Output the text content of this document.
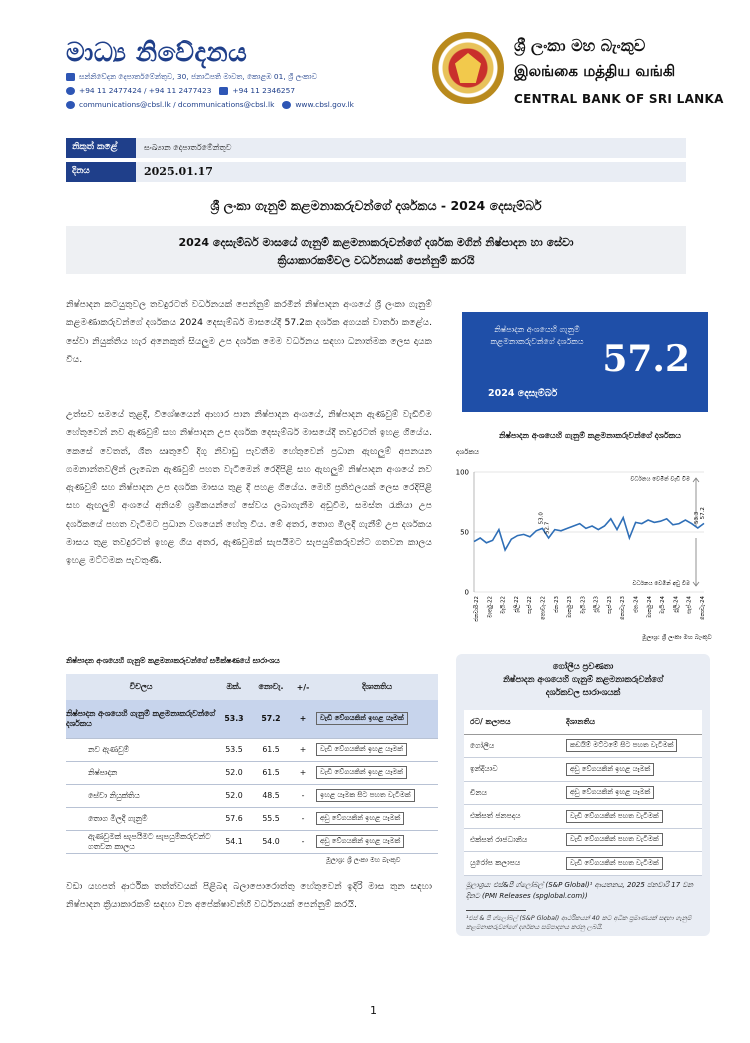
මාධ්‍ය නිවේදනය
සන්නිවේදන දෙපාර්තමේන්තුව, 30, ජනාධිපති මාවත, කොළඹ 01, ශ්‍රී ලංකාව
+94 11 2477424 / +94 11 2477423	+94 11 2346257
communications@cbsl.lk / dcommunications@cbsl.lk	www.cbsl.gov.lk
ශ්‍රී ලංකා මහ බැංකුව
இலங்கை மத்திய வங்கி
CENTRAL BANK OF SRI LANKA
නිකුත් කළේ	සංඛ්‍යාන දෙපාර්තමේන්තුව
දිනය	2025.01.17
ශ්‍රී ලංකා ගැනුම් කළමනාකරුවන්ගේ දර්ශකය - 2024 දෙසැම්බර්
2024 දෙසැම්බර් මාසයේ ගැනුම් කළමනාකරුවන්ගේ දර්ශක මගින් නිෂ්පාදන හා සේවා
ක්‍රියාකාරකම්වල වර්ධනයක් පෙන්නුම් කරයි
නිෂ්පාදන කටයුතුවල තවදුරටත් වර්ධනයක් පෙන්නුම් කරමින් නිෂ්පාදන අංශයේ ශ්‍රී ලංකා ගැනුම් කළමණාකරුවන්ගේ දර්ශකය 2024 දෙසැම්බර් මාසයේදී 57.2ක දර්ශක අගයක් වාර්තා කළේය. සේවා නියුක්තිය හැර අනෙකුත් සියලුම උප දර්ශක මෙම වර්ධනය සඳහා ධනාත්මක ලෙස දායක විය.
උත්සව සමයේ තුළදී, විශේෂයෙන් ආහාර පාන නිෂ්පාදන අංශයේ, නිෂ්පාදන ඇණවුම් වැඩිවීම හේතුවෙන් නව ඇණවුම් සහ නිෂ්පාදන උප දර්ශක දෙසැම්බර් මාසයේදී තවදුරටත් ඉහළ ගියේය. කෙසේ වෙතත්, ශීත ඍතුවේ දිගු නිවාඩු පැවතීම හේතුවෙන් ප්‍රධාන ඇඟලුම් අපනයන ගමනාන්තවලින් ලැබෙන ඇණවුම් පහත වැටීමෙන් රෙදිපිළි සහ ඇඟලුම් නිෂ්පාදන අංශයේ නව ඇණවුම් සහ නිෂ්පාදන උප දර්ශක මාසය තුළ දී පහළ ගියේය. මෙහි ප්‍රතිඵලයක් ලෙස රෙදිපිළි සහ ඇඟලුම් අංශයේ අනියම් ශ්‍රමිකයන්ගේ සේවය ලබාගැනීම අඩුවීම, සමස්ත රැකියා උප දර්ශකයේ පහත වැටීමට ප්‍රධාන වශයෙන් හේතු විය. මේ අතර, තොග මිලදී ගැනීම් උප දර්ශකය මාසය තුළ තවදුරටත් ඉහළ ගිය අතර, ඇණවුමක් සැපයීමට සැපයුම්කරුවන්ට ගතවන කාලය ඉහළ මට්ටමක පැවතුණි.
වඩා යහපත් ආර්ථික තත්ත්වයක් පිළිබඳ බලාපොරොත්තු හේතුවෙන් ඉදිරි මාස තුන සඳහා නිෂ්පාදන ක්‍රියාකාරකම් සඳහා වන අපේක්ෂාවන්හි වර්ධනයක් පෙන්නුම් කරයි.
නිෂ්පාදන අංශයෙහි ගැනුම් කළමනාකරුවන්ගේ දර්ශකය
2024 දෙසැම්බර්
57.2
නිෂ්පාදන අංශයෙහි ගැනුම් කළමනාකරුවන්ගේ දර්ශකය
දර්ශකය
0
50
100
වර්ධනය වෙමින් වැඩි වීම
වර්ධනය වෙමින් අඩු වීම
53.0
52.7
53.3 57.2
ජනවාරි-22 මාර්තු-22 මැයි-22 ජූලි-22 සැප්-22 නොවැ-22 ජන-23 මාර්තු-23 මැයි-23 ජූලි-23 සැප්-23 නොවැ-23 ජන-24 මාර්තු-24 මැයි-24 ජූලි-24 සැප්-24 නොවැ-24
මූලාශ්‍ර: ශ්‍රී ලංකා මහ බැංකුව
නිෂ්පාදන අංශයෙහි ගැනුම් කළමනාකරුවන්ගේ සමීක්ෂණයේ සාරාංශය
විචලය	ඔක්.	නොවැ.	+/-	දිශානතිය
නිෂ්පාදන අංශයෙහි ගැනුම් කළමනාකරුවන්ගේ දර්ශකය	53.3	57.2	+	වැඩි වේගයකින් ඉහළ යෑමක්
නව ඇණවුම්	53.5	61.5	+	වැඩි වේගයකින් ඉහළ යෑමක්
නිෂ්පාදන	52.0	61.5	+	වැඩි වේගයකින් ඉහළ යෑමක්
සේවා නියුක්තිය	52.0	48.5	-	ඉහළ යෑමක සිට පහත වැටීමක්
තොග මිලදී ගැනුම්	57.6	55.5	-	අඩු වේගයකින් ඉහළ යෑමක්
ඇණවුමක් සැපයීමට සැපයුම්කරුවන්ට ගතවන කාලය	54.1	54.0	-	අඩු වේගයකින් ඉහළ යෑමක්
මූලාශ්‍ර: ශ්‍රී ලංකා මහ බැංකුව
ගෝලීය ප්‍රවණතා
නිෂ්පාදන අංශයෙහි ගැනුම් කළමනාකරුවන්ගේ
දර්ශකවල සාරාංශයක්
රට/ කලාපය	දිශානතිය
ගෝලීය	කඩයිම් මට්ටමේ සිට පහත වැටීමක්
ඉන්දියාව	අඩු වේගයකින් ඉහළ යෑමක්
චීනය	අඩු වේගයකින් ඉහළ යෑමක්
එක්සත් ජනපදය	වැඩි වේගයකින් පහත වැටීමක්
එක්සත් රාජධානිය	වැඩි වේගයකින් පහත වැටීමක්
යුරෝප කලාපය	වැඩි වේගයකින් පහත වැටීමක්
මූලාශ්‍රය: එස්&පී ග්ලෝබල් (S&P Global)¹ ආයතනය, 2025 ජනවාරි 17 වන දිනට (PMI Releases (spglobal.com))
¹එස් & පී ග්ලෝබල් (S&P Global) ආර්ථිකයන් 40 කට අධික ප්‍රමාණයක් සඳහා ගැනුම් කළමනාකරුවන්ගේ දර්ශකය සම්පාදනය කරනු ලබයි.
1
